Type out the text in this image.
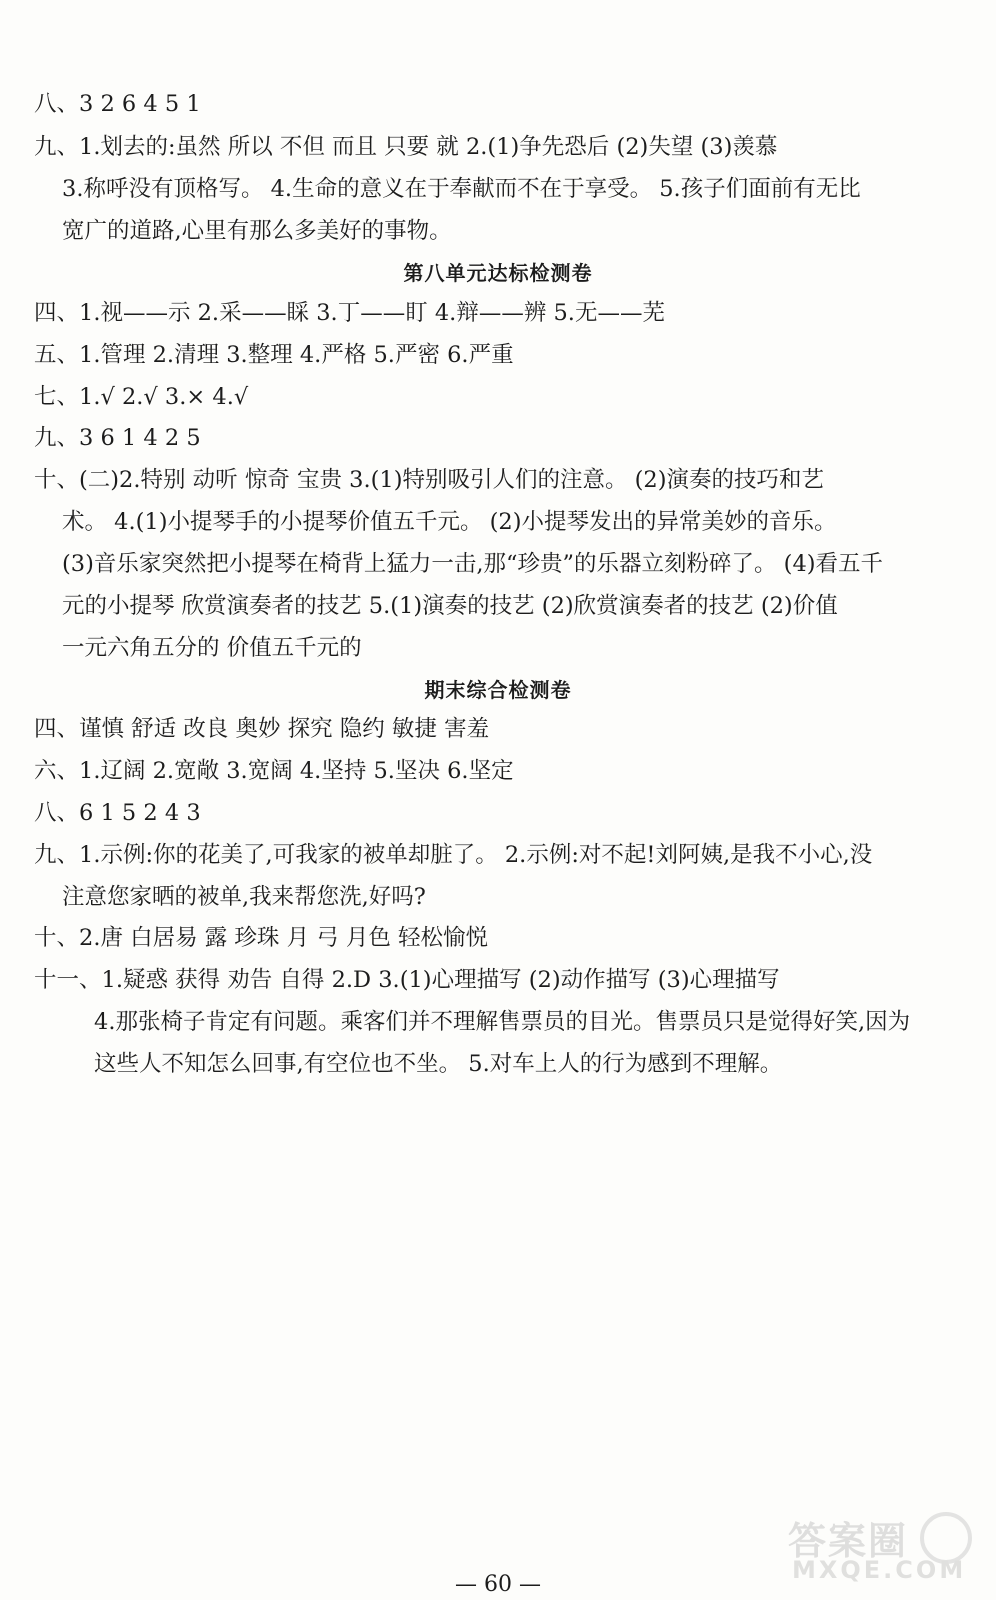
八、3 2 6 4 5 1
九、1.划去的:虽然 所以 不但 而且 只要 就 2.(1)争先恐后 (2)失望 (3)羡慕
3.称呼没有顶格写。 4.生命的意义在于奉献而不在于享受。 5.孩子们面前有无比
宽广的道路,心里有那么多美好的事物。
第八单元达标检测卷
四、1.视——示 2.采——睬 3.丁——盯 4.辩——辨 5.无——芜
五、1.管理 2.清理 3.整理 4.严格 5.严密 6.严重
七、1.√ 2.√ 3.× 4.√
九、3 6 1 4 2 5
十、(二)2.特别 动听 惊奇 宝贵 3.(1)特别吸引人们的注意。 (2)演奏的技巧和艺
术。 4.(1)小提琴手的小提琴价值五千元。 (2)小提琴发出的异常美妙的音乐。
(3)音乐家突然把小提琴在椅背上猛力一击,那“珍贵”的乐器立刻粉碎了。 (4)看五千
元的小提琴 欣赏演奏者的技艺 5.(1)演奏的技艺 (2)欣赏演奏者的技艺 (2)价值
一元六角五分的 价值五千元的
期末综合检测卷
四、谨慎 舒适 改良 奥妙 探究 隐约 敏捷 害羞
六、1.辽阔 2.宽敞 3.宽阔 4.坚持 5.坚决 6.坚定
八、6 1 5 2 4 3
九、1.示例:你的花美了,可我家的被单却脏了。 2.示例:对不起!刘阿姨,是我不小心,没
注意您家晒的被单,我来帮您洗,好吗?
十、2.唐 白居易 露 珍珠 月 弓 月色 轻松愉悦
十一、1.疑惑 获得 劝告 自得 2.D 3.(1)心理描写 (2)动作描写 (3)心理描写
4.那张椅子肯定有问题。乘客们并不理解售票员的目光。售票员只是觉得好笑,因为
这些人不知怎么回事,有空位也不坐。 5.对车上人的行为感到不理解。
— 60 —
答案圈
MXQE.COM
